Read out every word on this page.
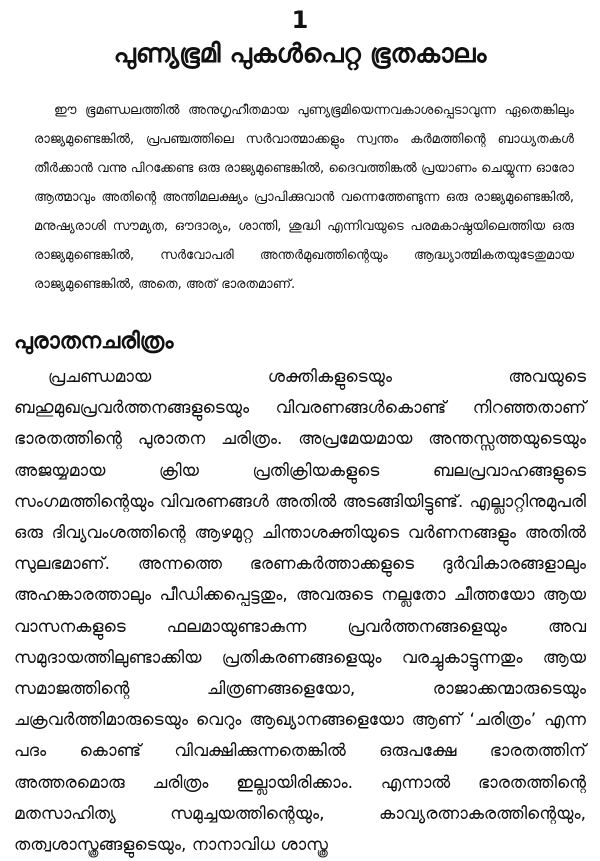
1
പുണ്യഭൂമി പുകൾപെറ്റ ഭൂതകാലം

ഈ ഭൂമണ്ഡലത്തിൽ അനുഗൃഹീതമായ പുണ്യഭൂമിയെന്നവകാശപ്പെടാവുന്ന ഏതെങ്കിലും രാജ്യമുണ്ടെങ്കിൽ, പ്രപഞ്ചത്തിലെ സർവാത്മാക്കളും സ്വന്തം കർമത്തിന്റെ ബാധ്യതകൾ തീർക്കാൻ വന്നു പിറക്കേണ്ട ഒരു രാജ്യമുണ്ടെങ്കിൽ, ദൈവത്തിങ്കൽ പ്രയാണം ചെയ്യുന്ന ഓരോ ആത്മാവും അതിന്റെ അന്തിമലക്ഷ്യം പ്രാപിക്കുവാൻ വന്നെത്തേണ്ടുന്ന ഒരു രാജ്യമുണ്ടെങ്കിൽ, മനുഷ്യരാശി സൗമ്യത, ഔദാര്യം, ശാന്തി, ശുദ്ധി എന്നിവയുടെ പരമകാഷ്ഠയിലെത്തിയ ഒരു രാജ്യമുണ്ടെങ്കിൽ, സർവോപരി അന്തർമുഖത്തിന്റെയും ആദ്ധ്യാത്മികതയുടേതുമായ രാജ്യമുണ്ടെങ്കിൽ, അതെ, അത് ഭാരതമാണ്.

പുരാതനചരിത്രം

പ്രചണ്ഡമായ ശക്തികളുടെയും അവയുടെ ബഹുമുഖപ്രവർത്തനങ്ങളുടെയും വിവരണങ്ങൾകൊണ്ട് നിറഞ്ഞതാണ് ഭാരതത്തിന്റെ പുരാതന ചരിത്രം. അപ്രമേയമായ അന്തസ്സത്തയുടെയും അജയ്യമായ ക്രിയ പ്രതിക്രിയകളുടെ ബലപ്രവാഹങ്ങളുടെ സംഗമത്തിന്റെയും വിവരണങ്ങൾ അതിൽ അടങ്ങിയിട്ടുണ്ട്. എല്ലാറ്റിനുമുപരി ഒരു ദിവ്യവംശത്തിന്റെ ആഴമുറ്റ ചിന്താശക്തിയുടെ വർണനങ്ങളും അതിൽ സുലഭമാണ്. അന്നത്തെ ഭരണകർത്താക്കളുടെ ദുർവികാരങ്ങളാലും അഹങ്കാരത്താലും പീഡിക്കപ്പെട്ടതും, അവരുടെ നല്ലതോ ചീത്തയോ ആയ വാസനകളുടെ ഫലമായുണ്ടാകുന്ന പ്രവർത്തനങ്ങളെയും അവ സമുദായത്തിലുണ്ടാക്കിയ പ്രതികരണങ്ങളെയും വരച്ചുകാട്ടുന്നതും ആയ സമാജത്തിന്റെ ചിത്രണങ്ങളെയോ, രാജാക്കന്മാരുടെയും ചക്രവർത്തിമാരുടെയും വെറും ആഖ്യാനങ്ങളെയോ ആണ് ‘ചരിത്രം’ എന്ന പദം കൊണ്ട് വിവക്ഷിക്കുന്നതെങ്കിൽ ഒരുപക്ഷേ ഭാരതത്തിന് അത്തരമൊരു ചരിത്രം ഇല്ലായിരിക്കാം. എന്നാൽ ഭാരതത്തിന്റെ മതസാഹിത്യ സമുച്ചയത്തിന്റെയും, കാവ്യരത്നാകരത്തിന്റെയും, തത്വശാസ്ത്രങ്ങളുടെയും, നാനാവിധ ശാസ്ത്ര
